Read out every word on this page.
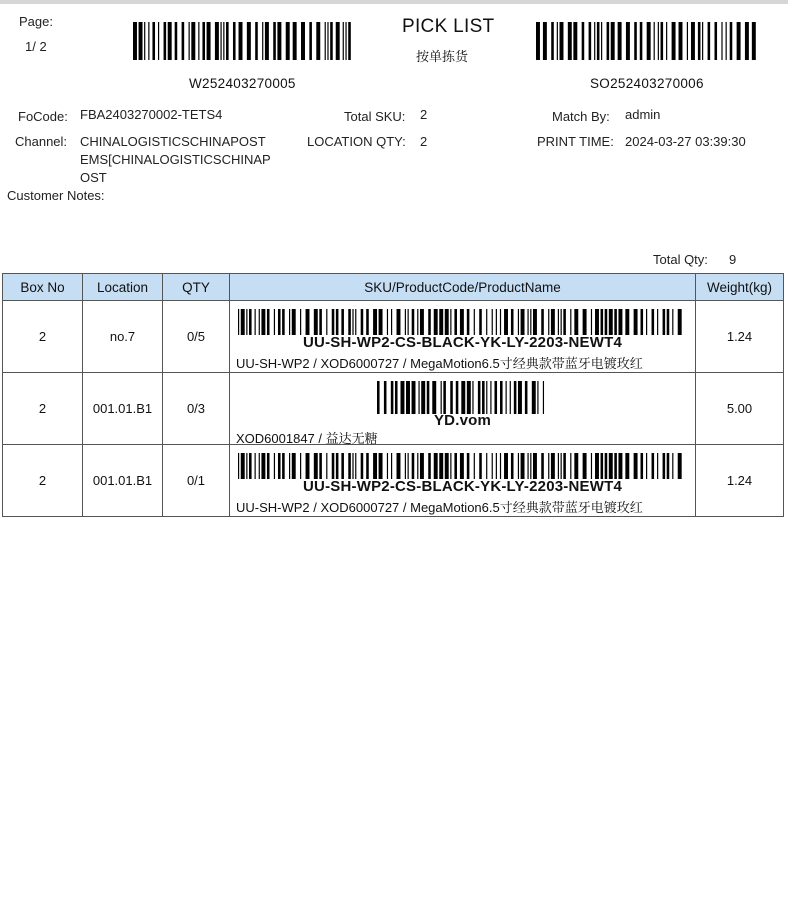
Page:
1/ 2
W252403270005
PICK LIST
按单拣货
SO252403270006
FoCode: FBA2403270002-TETS4	Total SKU: 2	Match By: admin
Channel: CHINALOGISTICSCHINAPOST EMS[CHINALOGISTICSCHINAP OST
LOCATION QTY: 2	PRINT TIME: 2024-03-27 03:39:30
Customer Notes:
Total Qty: 9
Box No	Location	QTY	SKU/ProductCode/ProductName	Weight(kg)
2	no.7	0/5	UU-SH-WP2-CS-BLACK-YK-LY-2203-NEWT4
UU-SH-WP2 / XOD6000727 / MegaMotion6.5寸经典款带蓝牙电镀玫红	1.24
2	001.01.B1	0/3	YD.vom
XOD6001847 / 益达无糖	5.00
2	001.01.B1	0/1	UU-SH-WP2-CS-BLACK-YK-LY-2203-NEWT4
UU-SH-WP2 / XOD6000727 / MegaMotion6.5寸经典款带蓝牙电镀玫红	1.24
